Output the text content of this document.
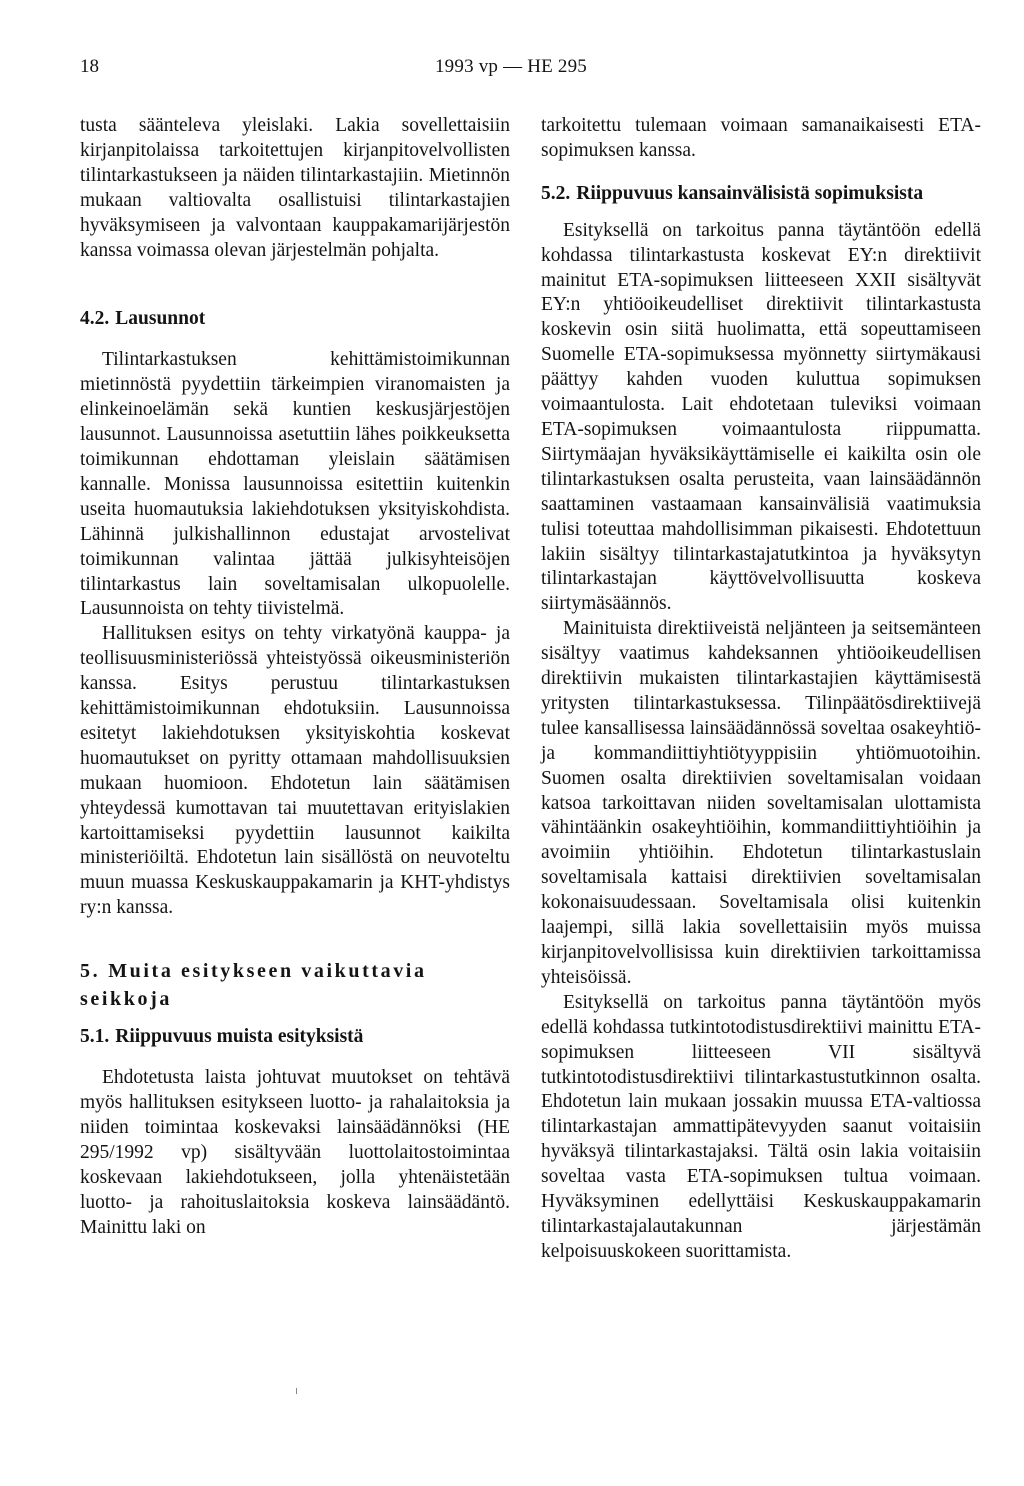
18	1993 vp — HE 295

tusta säänteleva yleislaki. Lakia sovellettaisiin kirjanpitolaissa tarkoitettujen kirjanpitovelvollisten tilintarkastukseen ja näiden tilintarkastajiin. Mietinnön mukaan valtiovalta osallistuisi tilintarkastajien hyväksymiseen ja valvontaan kauppakamarijärjestön kanssa voimassa olevan järjestelmän pohjalta.

4.2. Lausunnot

Tilintarkastuksen kehittämistoimikunnan mietinnöstä pyydettiin tärkeimpien viranomaisten ja elinkeinoelämän sekä kuntien keskusjärjestöjen lausunnot. Lausunnoissa asetuttiin lähes poikkeuksetta toimikunnan ehdottaman yleislain säätämisen kannalle. Monissa lausunnoissa esitettiin kuitenkin useita huomautuksia lakiehdotuksen yksityiskohdista. Lähinnä julkishallinnon edustajat arvostelivat toimikunnan valintaa jättää julkisyhteisöjen tilintarkastus lain soveltamisalan ulkopuolelle. Lausunnoista on tehty tiivistelmä.

Hallituksen esitys on tehty virkatyönä kauppa- ja teollisuusministeriössä yhteistyössä oikeusministeriön kanssa. Esitys perustuu tilintarkastuksen kehittämistoimikunnan ehdotuksiin. Lausunnoissa esitetyt lakiehdotuksen yksityiskohtia koskevat huomautukset on pyritty ottamaan mahdollisuuksien mukaan huomioon. Ehdotetun lain säätämisen yhteydessä kumottavan tai muutettavan erityislakien kartoittamiseksi pyydettiin lausunnot kaikilta ministeriöiltä. Ehdotetun lain sisällöstä on neuvoteltu muun muassa Keskuskauppakamarin ja KHT-yhdistys ry:n kanssa.

5. Muita esitykseen vaikuttavia seikkoja

5.1. Riippuvuus muista esityksistä

Ehdotetusta laista johtuvat muutokset on tehtävä myös hallituksen esitykseen luotto- ja rahalaitoksia ja niiden toimintaa koskevaksi lainsäädännöksi (HE 295/1992 vp) sisältyvään luottolaitostoimintaa koskevaan lakiehdotukseen, jolla yhtenäistetään luotto- ja rahoituslaitoksia koskeva lainsäädäntö. Mainittu laki on

tarkoitettu tulemaan voimaan samanaikaisesti ETA-sopimuksen kanssa.

5.2. Riippuvuus kansainvälisistä sopimuksista

Esityksellä on tarkoitus panna täytäntöön edellä kohdassa tilintarkastusta koskevat EY:n direktiivit mainitut ETA-sopimuksen liitteeseen XXII sisältyvät EY:n yhtiöoikeudelliset direktiivit tilintarkastusta koskevin osin siitä huolimatta, että sopeuttamiseen Suomelle ETA-sopimuksessa myönnetty siirtymäkausi päättyy kahden vuoden kuluttua sopimuksen voimaantulosta. Lait ehdotetaan tuleviksi voimaan ETA-sopimuksen voimaantulosta riippumatta. Siirtymäajan hyväksikäyttämiselle ei kaikilta osin ole tilintarkastuksen osalta perusteita, vaan lainsäädännön saattaminen vastaamaan kansainvälisiä vaatimuksia tulisi toteuttaa mahdollisimman pikaisesti. Ehdotettuun lakiin sisältyy tilintarkastajatutkintoa ja hyväksytyn tilintarkastajan käyttövelvollisuutta koskeva siirtymäsäännös.

Mainituista direktiiveistä neljänteen ja seitsemänteen sisältyy vaatimus kahdeksannen yhtiöoikeudellisen direktiivin mukaisten tilintarkastajien käyttämisestä yritysten tilintarkastuksessa. Tilinpäätösdirektiivejä tulee kansallisessa lainsäädännössä soveltaa osakeyhtiö- ja kommandiittiyhtiötyyppisiin yhtiömuotoihin. Suomen osalta direktiivien soveltamisalan voidaan katsoa tarkoittavan niiden soveltamisalan ulottamista vähintäänkin osakeyhtiöihin, kommandiittiyhtiöihin ja avoimiin yhtiöihin. Ehdotetun tilintarkastuslain soveltamisala kattaisi direktiivien soveltamisalan kokonaisuudessaan. Soveltamisala olisi kuitenkin laajempi, sillä lakia sovellettaisiin myös muissa kirjanpitovelvollisissa kuin direktiivien tarkoittamissa yhteisöissä.

Esityksellä on tarkoitus panna täytäntöön myös edellä kohdassa tutkintotodistusdirektiivi mainittu ETA-sopimuksen liitteeseen VII sisältyvä tutkintotodistusdirektiivi tilintarkastustutkinnon osalta. Ehdotetun lain mukaan jossakin muussa ETA-valtiossa tilintarkastajan ammattipätevyyden saanut voitaisiin hyväksyä tilintarkastajaksi. Tältä osin lakia voitaisiin soveltaa vasta ETA-sopimuksen tultua voimaan. Hyväksyminen edellyttäisi Keskuskauppakamarin tilintarkastajalautakunnan järjestämän kelpoisuuskokeen suorittamista.
